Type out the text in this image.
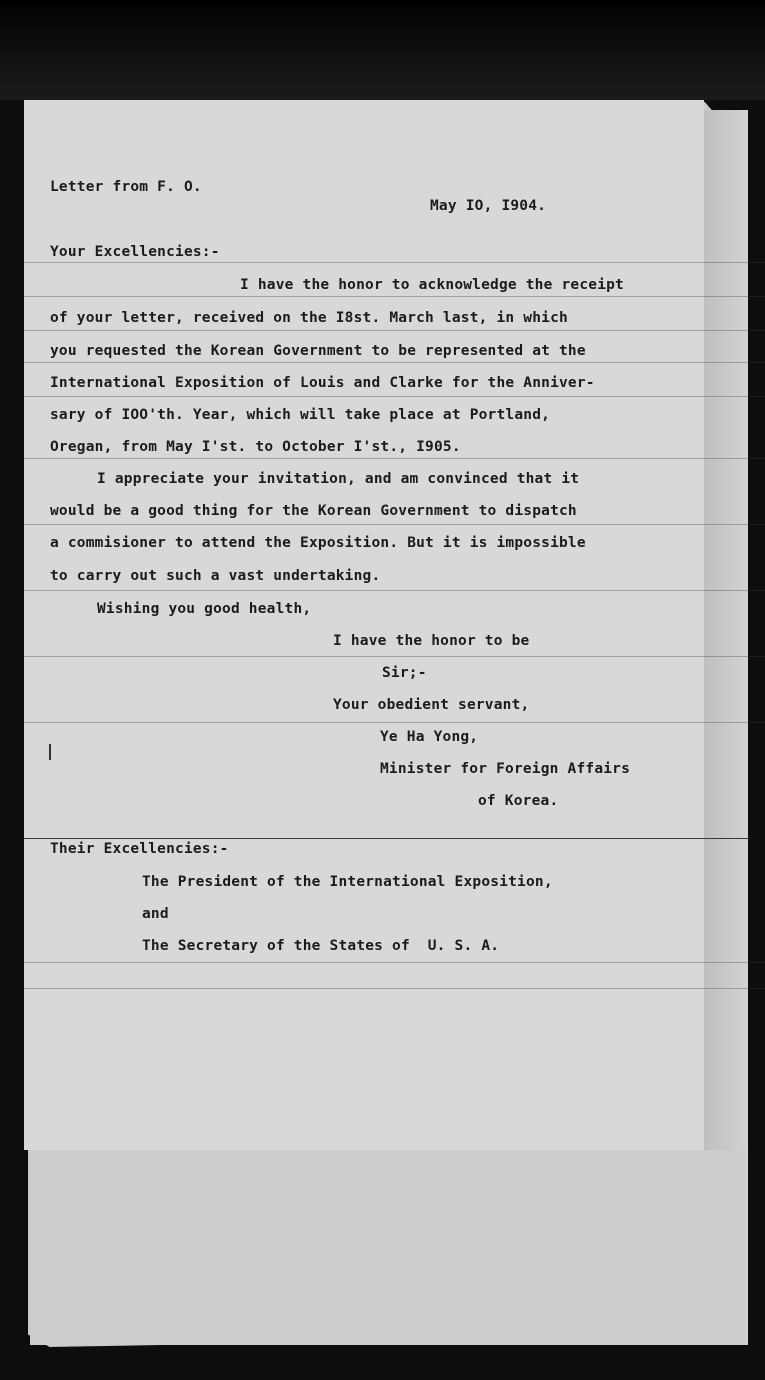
Letter from F. O.
May IO, I904.
Your Excellencies:-
I have the honor to acknowledge the receipt
of your letter, received on the I8st. March last, in which
you requested the Korean Government to be represented at the
International Exposition of Louis and Clarke for the Anniver-
sary of IOO'th. Year, which will take place at Portland,
Oregan, from May I'st. to October I'st., I905.
I appreciate your invitation, and am convinced that it
would be a good thing for the Korean Government to dispatch
a commisioner to attend the Exposition. But it is impossible
to carry out such a vast undertaking.
Wishing you good health,
I have the honor to be
Sir;-
Your obedient servant,
Ye Ha Yong,
Minister for Foreign Affairs
of Korea.
Their Excellencies:-
The President of the International Exposition,
and
The Secretary of the States of  U. S. A.
